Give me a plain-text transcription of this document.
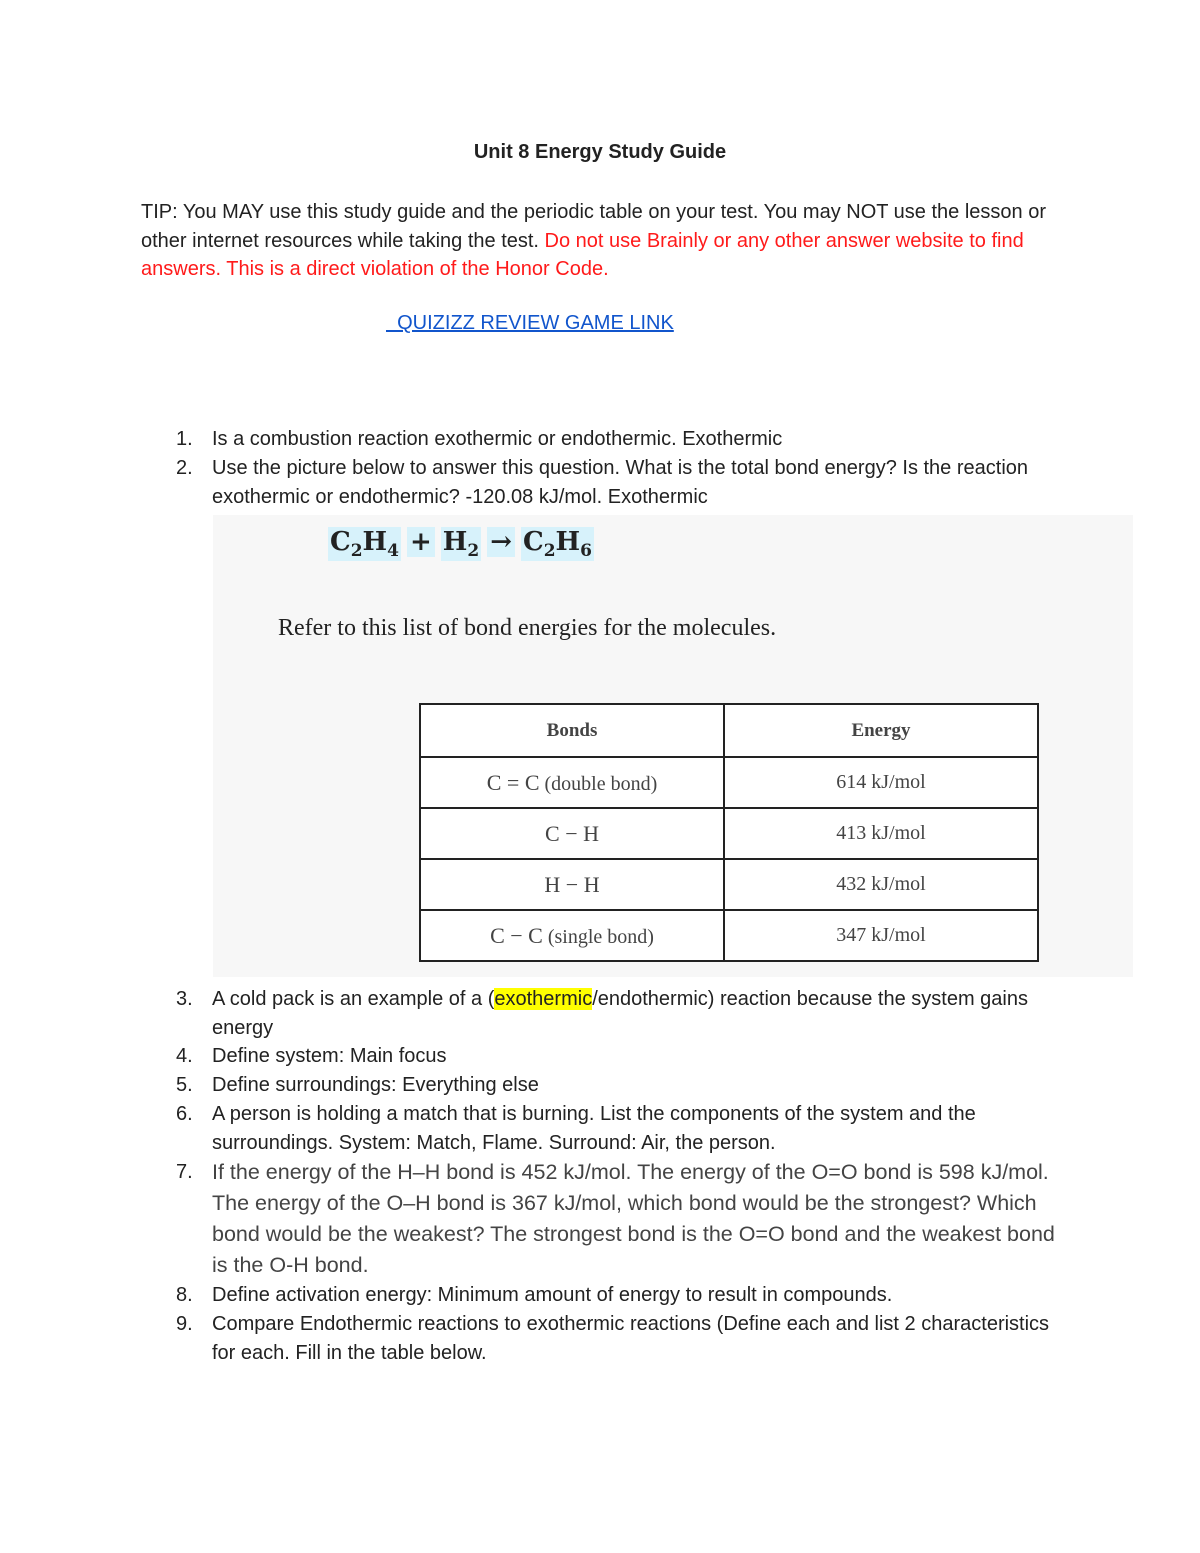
Unit 8 Energy Study Guide
TIP: You MAY use this study guide and the periodic table on your test. You may NOT use the lesson or other internet resources while taking the test. Do not use Brainly or any other answer website to find answers. This is a direct violation of the Honor Code.
QUIZIZZ REVIEW GAME LINK
1. Is a combustion reaction exothermic or endothermic. Exothermic
2. Use the picture below to answer this question. What is the total bond energy? Is the reaction exothermic or endothermic? -120.08 kJ/mol. Exothermic
$C_2H_4 + H_2 \to C_2H_6$
Refer to this list of bond energies for the molecules.
Bonds	Energy
C = C (double bond)	614 kJ/mol
C − H	413 kJ/mol
H − H	432 kJ/mol
C − C (single bond)	347 kJ/mol
3. A cold pack is an example of a (exothermic/endothermic) reaction because the system gains energy
4. Define system: Main focus
5. Define surroundings: Everything else
6. A person is holding a match that is burning. List the components of the system and the surroundings. System: Match, Flame. Surround: Air, the person.
7. If the energy of the H–H bond is 452 kJ/mol. The energy of the O=O bond is 598 kJ/mol. The energy of the O–H bond is 367 kJ/mol, which bond would be the strongest? Which bond would be the weakest? The strongest bond is the O=O bond and the weakest bond is the O-H bond.
8. Define activation energy: Minimum amount of energy to result in compounds.
9. Compare Endothermic reactions to exothermic reactions (Define each and list 2 characteristics for each. Fill in the table below.
